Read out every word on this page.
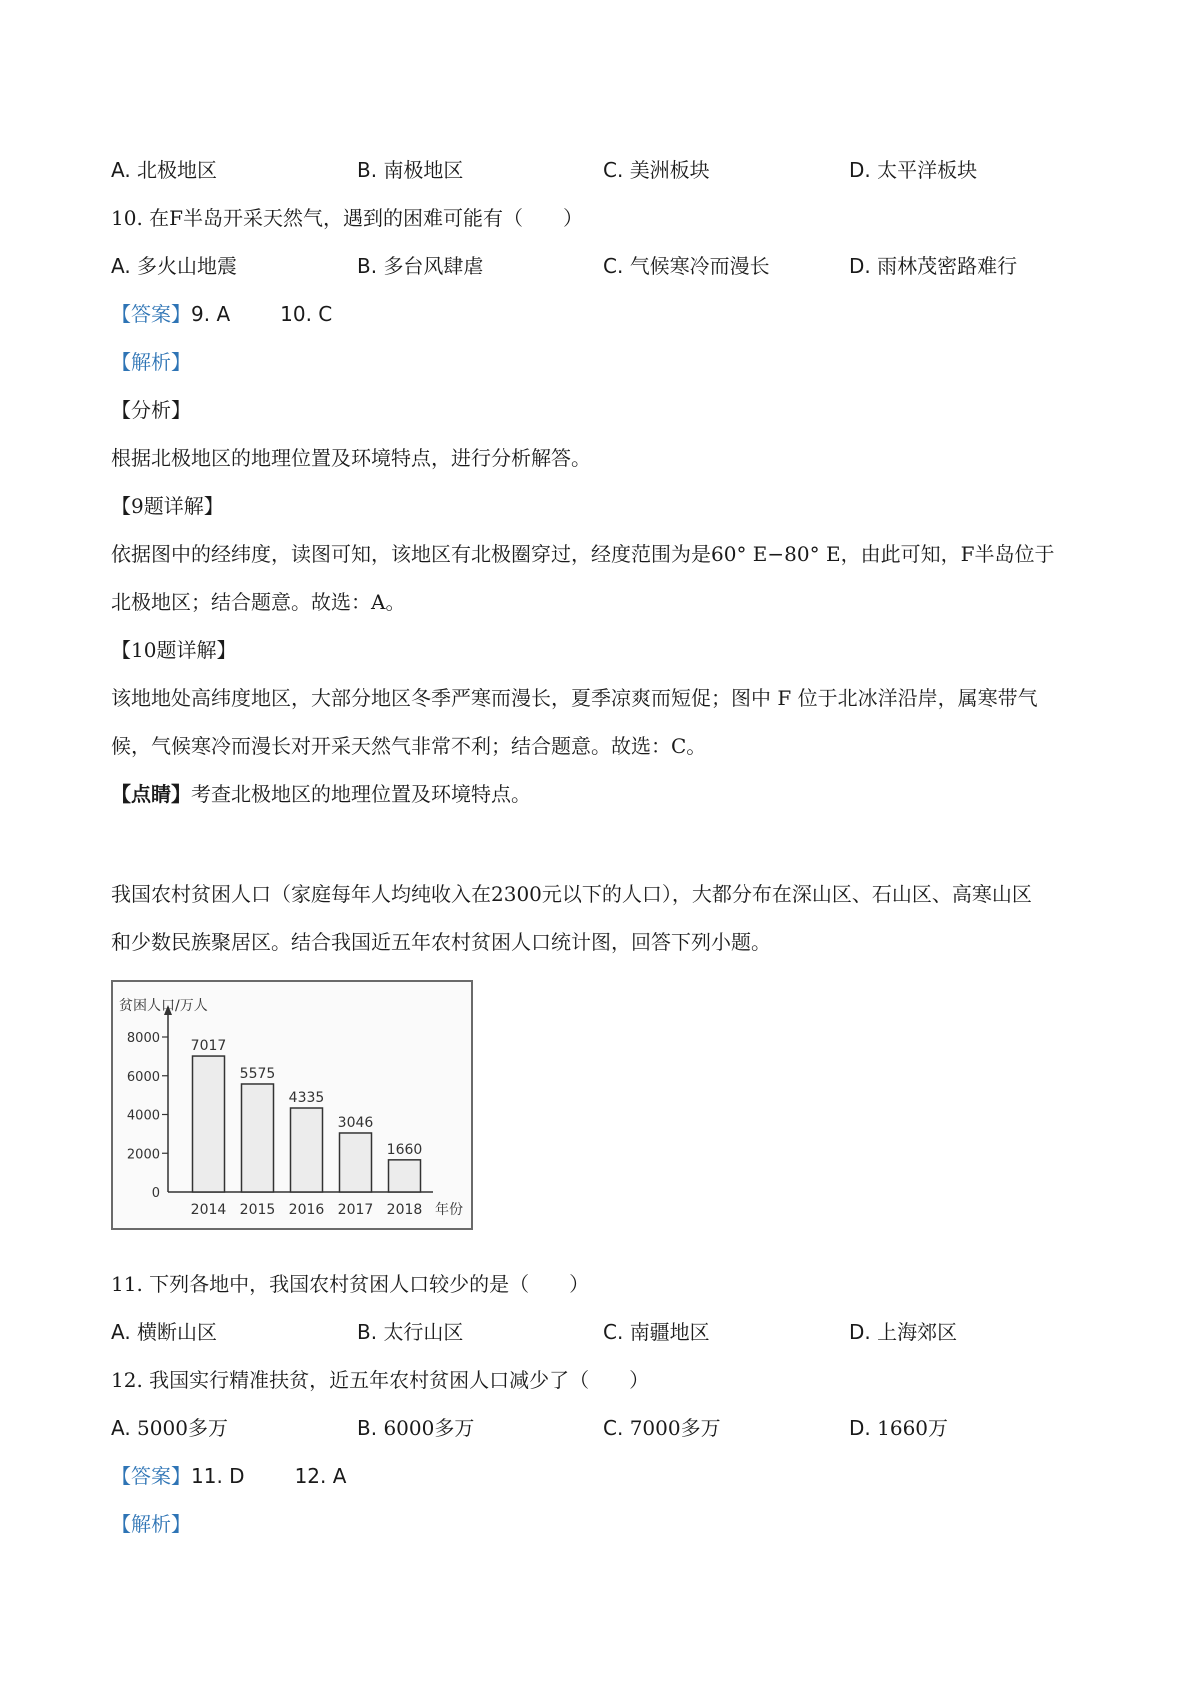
A. 北极地区	B. 南极地区	C. 美洲板块	D. 太平洋板块
10. 在F半岛开采天然气，遇到的困难可能有（　　）
A. 多火山地震	B. 多台风肆虐	C. 气候寒冷而漫长	D. 雨林茂密路难行
【答案】9. A	10. C
【解析】
【分析】
根据北极地区的地理位置及环境特点，进行分析解答。
【9题详解】
依据图中的经纬度，读图可知，该地区有北极圈穿过，经度范围为是60° E−80° E，由此可知，F半岛位于
北极地区；结合题意。故选：A。
【10题详解】
该地地处高纬度地区，大部分地区冬季严寒而漫长，夏季凉爽而短促；图中 F 位于北冰洋沿岸，属寒带气
候，气候寒冷而漫长对开采天然气非常不利；结合题意。故选：C。
【点睛】考查北极地区的地理位置及环境特点。
我国农村贫困人口（家庭每年人均纯收入在2300元以下的人口），大都分布在深山区、石山区、高寒山区
和少数民族聚居区。结合我国近五年农村贫困人口统计图，回答下列小题。
贫困人口/万人
0
2000
4000
6000
8000 7017
2014
5575
2015
4335
2016
3046
2017
1660
2018 年份
11. 下列各地中，我国农村贫困人口较少的是（　　）
A. 横断山区	B. 太行山区	C. 南疆地区	D. 上海郊区
12. 我国实行精准扶贫，近五年农村贫困人口减少了（　　）
A. 5000多万	B. 6000多万	C. 7000多万	D. 1660万
【答案】11. D	12. A
【解析】
